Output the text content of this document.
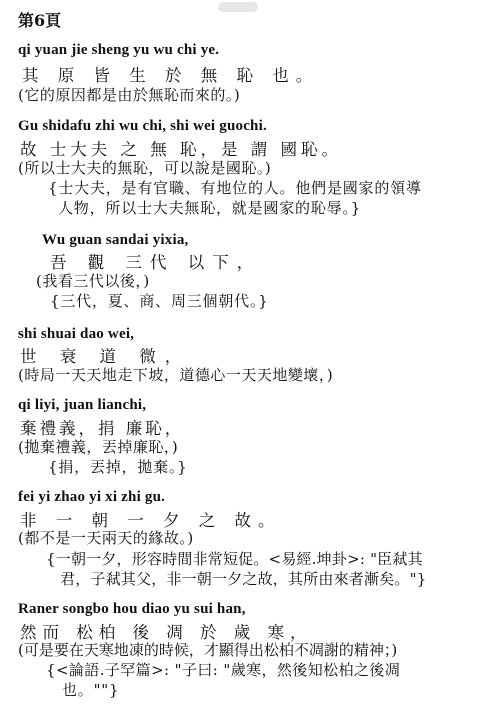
第6頁
qi yuan jie sheng yu wu chi ye.
其 原 皆 生 於 無 恥 也。
(它的原因都是由於無恥而來的。)
Gu shidafu zhi wu chi, shi wei guochi.
故 士大夫 之 無 恥，是 謂 國恥。
(所以士大夫的無恥，可以說是國恥。)
{士大夫，是有官職、有地位的人。他們是國家的領導
人物，所以士大夫無恥，就是國家的恥辱。}
Wu guan sandai yixia,
吾 觀 三代 以下，
(我看三代以後，)
{三代，夏、商、周三個朝代。}
shi shuai dao wei,
世 衰 道 微，
(時局一天天地走下坡，道德心一天天地變壞，)
qi liyi, juan lianchi,
棄禮義，捐 廉恥，
(拋棄禮義，丟掉廉恥，)
{捐，丟掉，拋棄。}
fei yi zhao yi xi zhi gu.
非 一 朝 一 夕 之 故。
(都不是一天兩天的緣故。)
{一朝一夕，形容時間非常短促。<易經.坤卦>: "臣弒其
君，子弒其父，非一朝一夕之故，其所由來者漸矣。"}
Raner songbo hou diao yu sui han,
然而 松柏 後 凋 於 歲 寒，
(可是要在天寒地凍的時候，才顯得出松柏不凋謝的精神；)
{<論語.子罕篇>: "子曰: "歲寒，然後知松柏之後凋
也。""}
